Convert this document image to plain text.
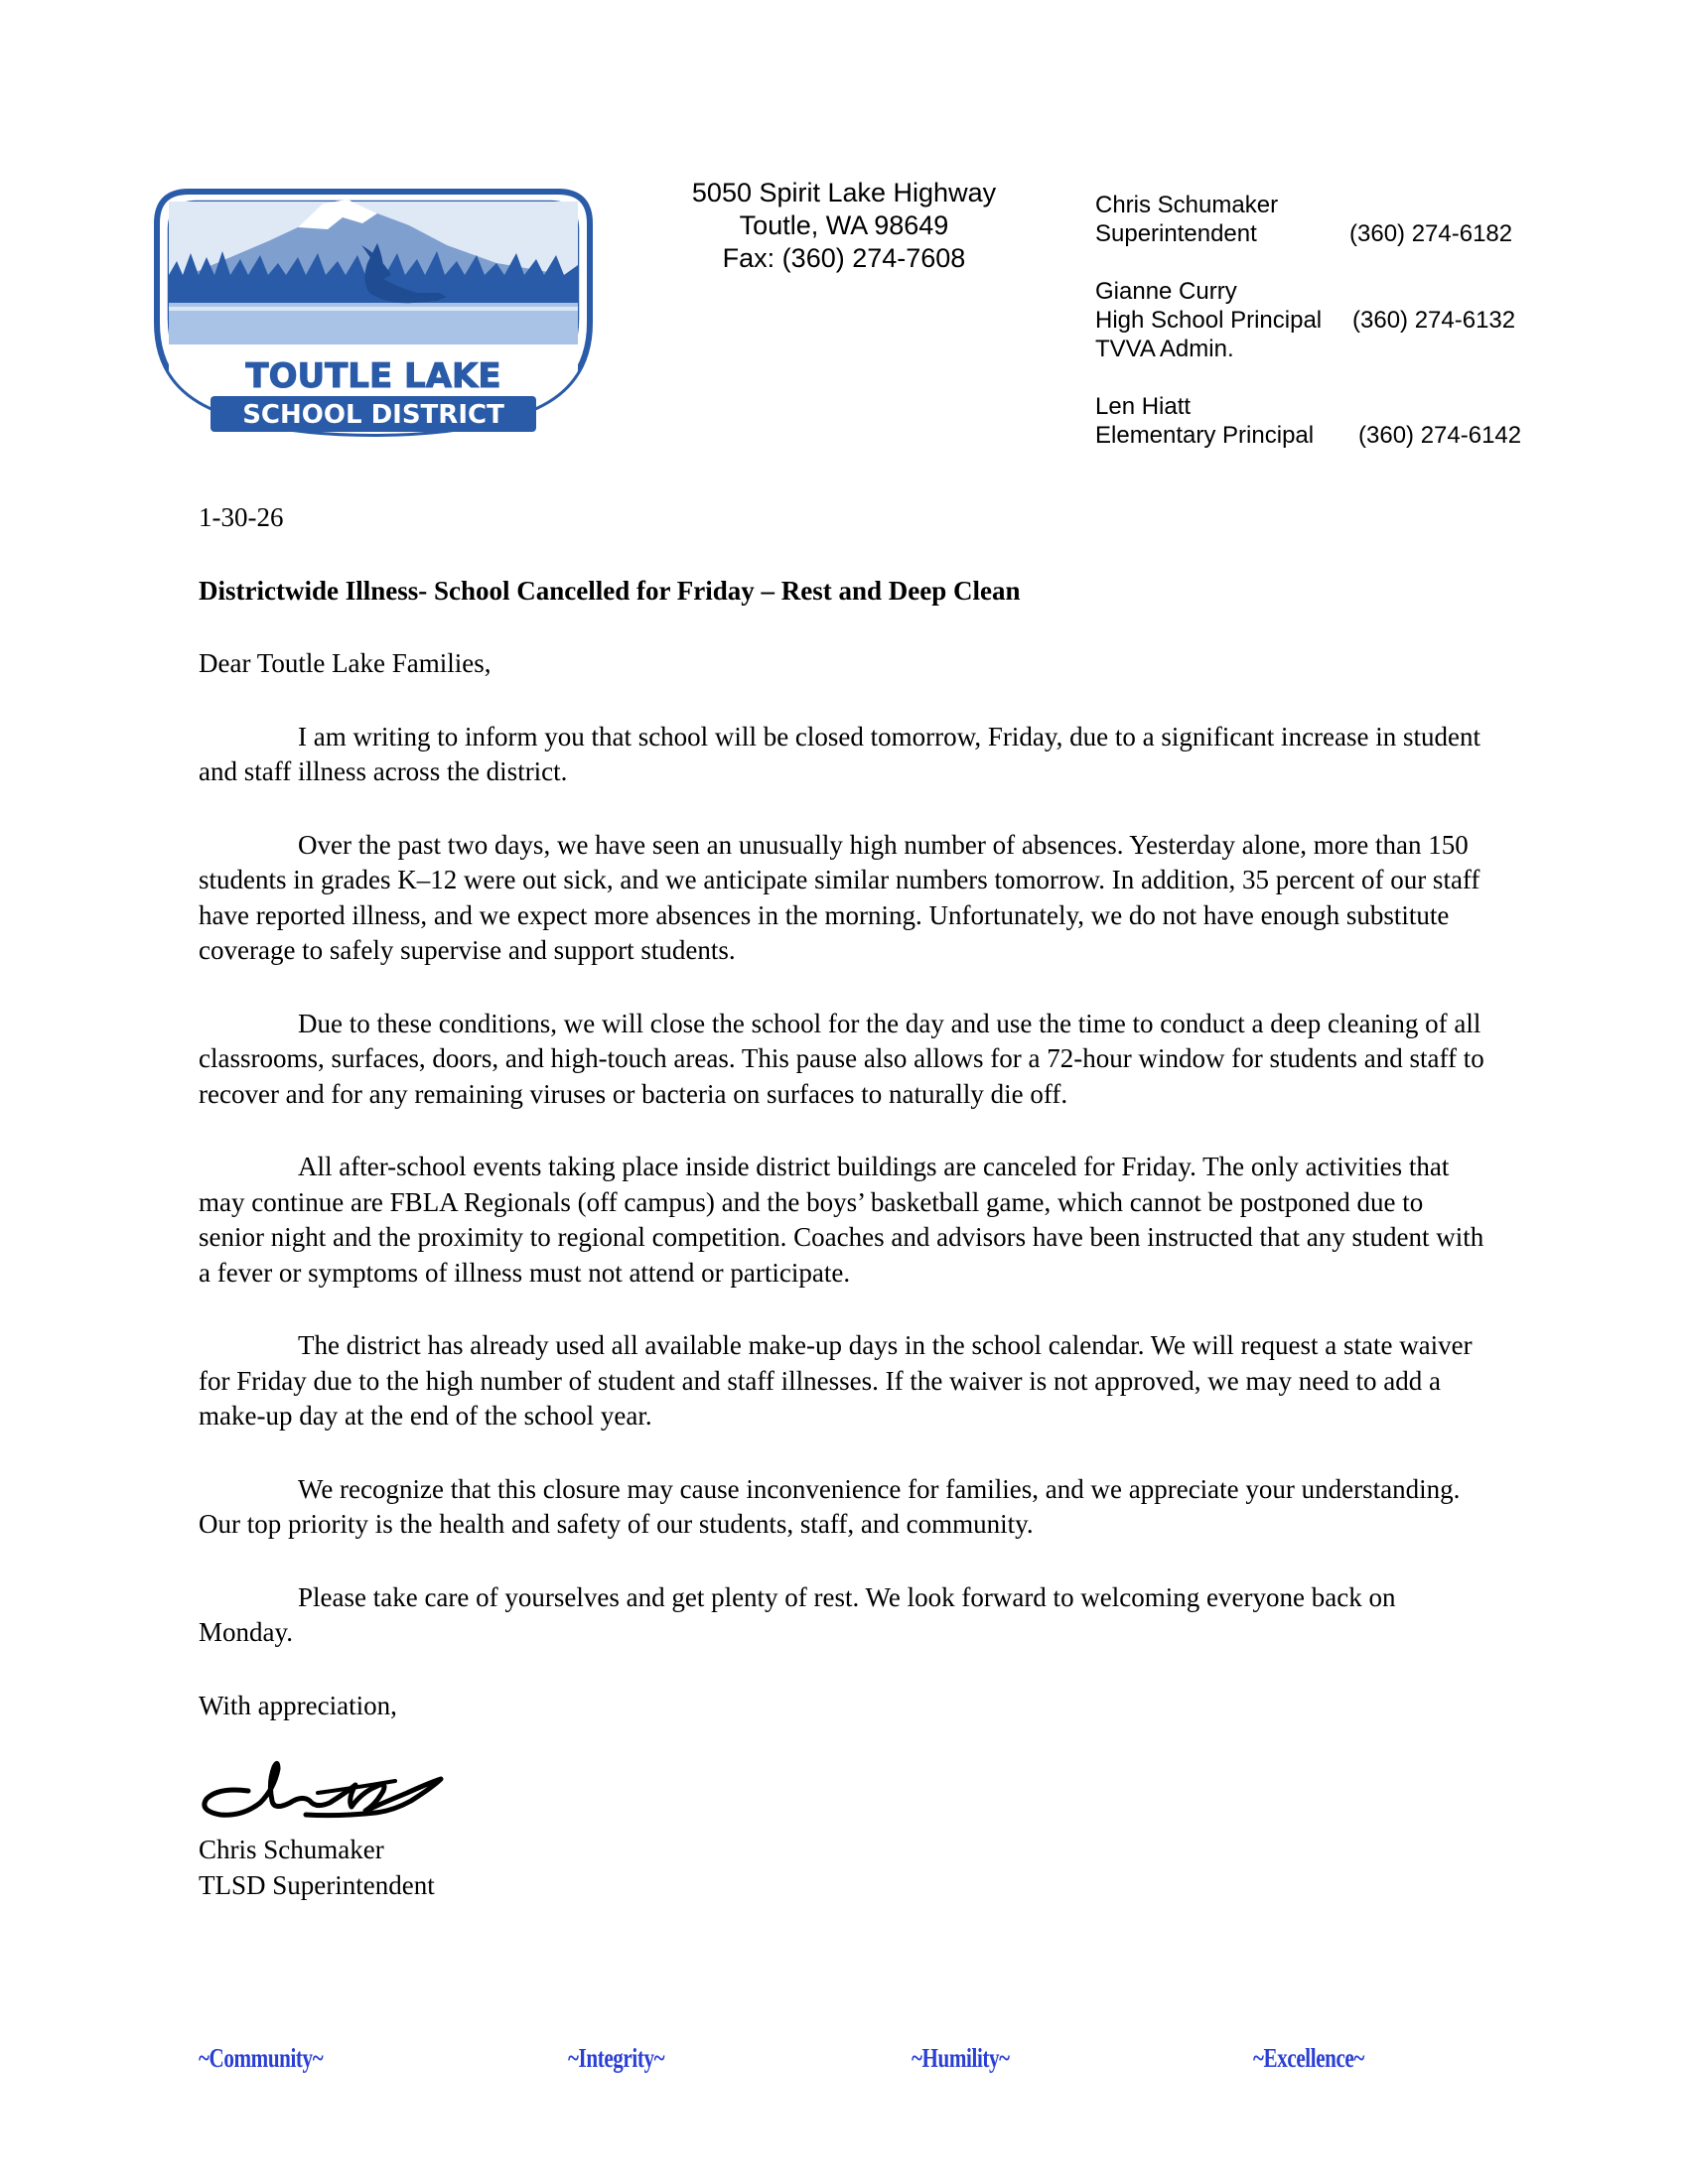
TOUTLE LAKE
SCHOOL DISTRICT
5050 Spirit Lake Highway
Toutle, WA 98649
Fax: (360) 274-7608
Chris Schumaker
Superintendent	(360) 274-6182
Gianne Curry
High School Principal (360) 274-6132
TVVA Admin.
Len Hiatt
Elementary Principal (360) 274-6142

1-30-26

Districtwide Illness- School Cancelled for Friday – Rest and Deep Clean

Dear Toutle Lake Families,

I am writing to inform you that school will be closed tomorrow, Friday, due to a significant increase in student and staff illness across the district.

Over the past two days, we have seen an unusually high number of absences. Yesterday alone, more than 150 students in grades K–12 were out sick, and we anticipate similar numbers tomorrow. In addition, 35 percent of our staff have reported illness, and we expect more absences in the morning. Unfortunately, we do not have enough substitute coverage to safely supervise and support students.

Due to these conditions, we will close the school for the day and use the time to conduct a deep cleaning of all classrooms, surfaces, doors, and high-touch areas. This pause also allows for a 72-hour window for students and staff to recover and for any remaining viruses or bacteria on surfaces to naturally die off.

All after-school events taking place inside district buildings are canceled for Friday. The only activities that may continue are FBLA Regionals (off campus) and the boys’ basketball game, which cannot be postponed due to senior night and the proximity to regional competition. Coaches and advisors have been instructed that any student with a fever or symptoms of illness must not attend or participate.

The district has already used all available make-up days in the school calendar. We will request a state waiver for Friday due to the high number of student and staff illnesses. If the waiver is not approved, we may need to add a make-up day at the end of the school year.

We recognize that this closure may cause inconvenience for families, and we appreciate your understanding. Our top priority is the health and safety of our students, staff, and community.

Please take care of yourselves and get plenty of rest. We look forward to welcoming everyone back on Monday.

With appreciation,

Chris Schumaker

TLSD Superintendent

~Community~	~Integrity~	~Humility~	~Excellence~
